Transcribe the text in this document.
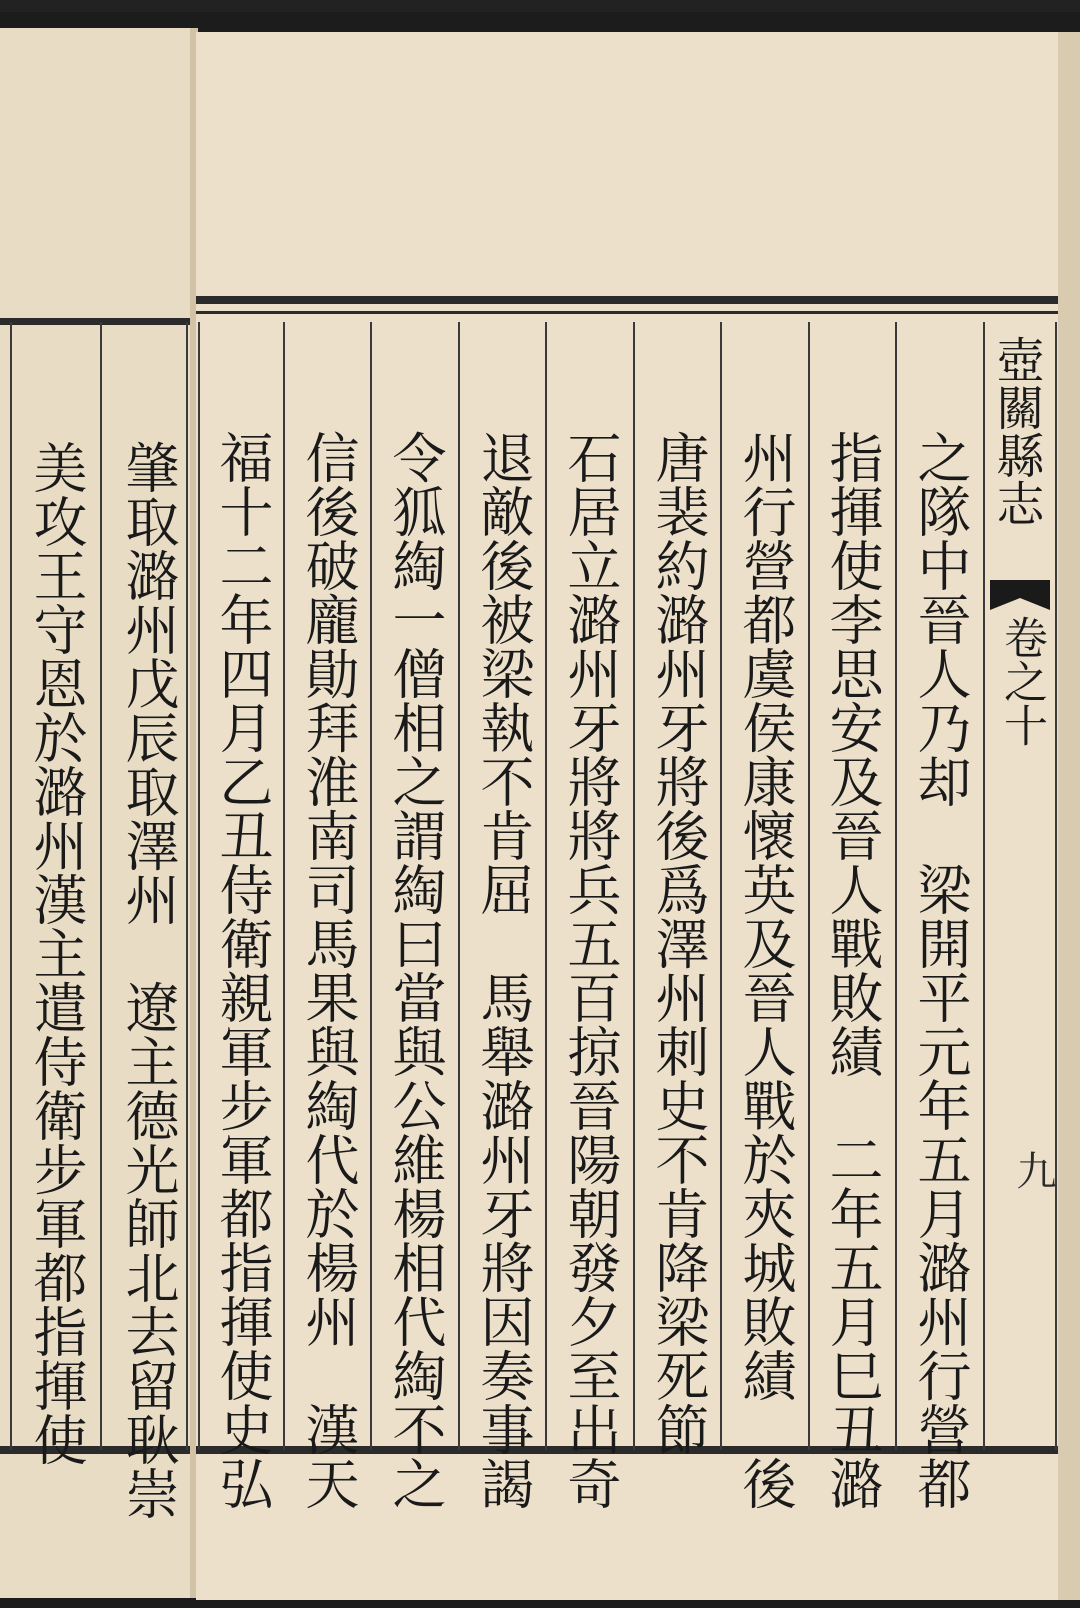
肇取潞州戊辰取澤州　遼主德光師北去留耿崇
美攻王守恩於潞州漢主遣侍衛步軍都指揮使	之隊中晉人乃却　梁開平元年五月潞州行營都
指揮使李思安及晉人戰敗績　二年五月巳丑潞
州行營都虞侯康懷英及晉人戰於夾城敗績　後
唐裴約潞州牙將後爲澤州刺史不肯降梁死節
石居立潞州牙將將兵五百掠晉陽朝發夕至出奇
退敵後被梁執不肯屈　馬舉潞州牙將因奏事謁
令狐綯一僧相之謂綯曰當與公維楊相代綯不之
信後破龐勛拜淮南司馬果與綯代於楊州　漢天
福十二年四月乙丑侍衛親軍步軍都指揮使史弘	壺關縣志
卷之十
九
